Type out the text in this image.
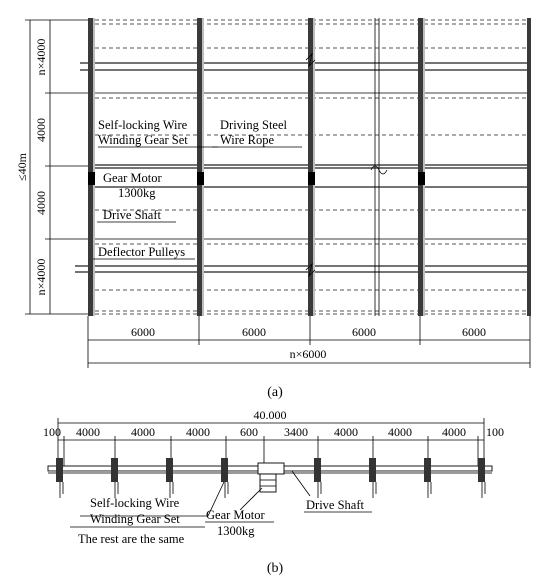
≤40m
n×4000
4000
4000
n×4000
6000	6000	6000	6000
n×6000
Self-locking Wire
Winding Gear Set
Driving Steel
Wire Rope
Gear Motor
1300kg
Drive Shaft
Deflector Pulleys
(a)
40.000
100 4000	4000	4000	600 3400 4000	4000	4000 100
Self-locking Wire
Winding Gear Set
The rest are the same
Gear Motor
1300kg
Drive Shaft
(b)
